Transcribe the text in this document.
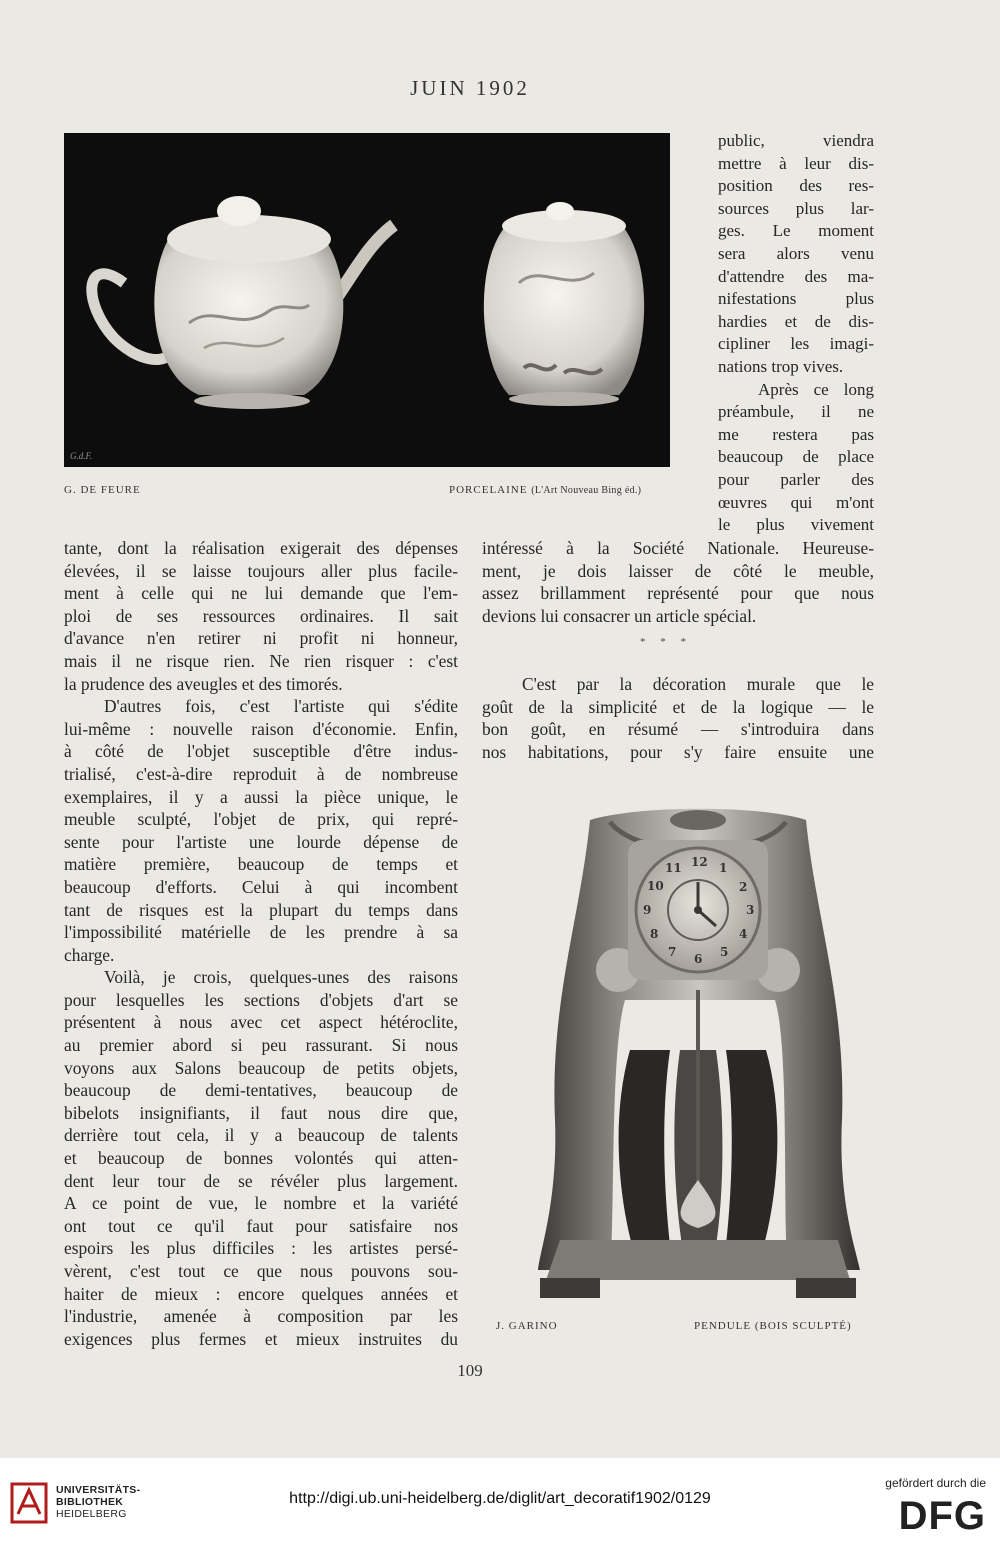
JUIN 1902
G.d.F.
G. DE FEURE	PORCELAINE (L'Art Nouveau Bing éd.)
public, viendra
mettre à leur dis-
position des res-
sources plus lar-
ges. Le moment
sera alors venu
d'attendre des ma-
nifestations plus
hardies et de dis-
cipliner les imagi-
nations trop vives.
Après ce long
préambule, il ne
me restera pas
beaucoup de place
pour parler des
œuvres qui m'ont
le plus vivement
intéressé à la Société Nationale. Heureuse-
ment, je dois laisser de côté le meuble,
assez brillamment représenté pour que nous
devions lui consacrer un article spécial.
* * *
C'est par la décoration murale que le
goût de la simplicité et de la logique — le
bon goût, en résumé — s'introduira dans
nos habitations, pour s'y faire ensuite une
tante, dont la réalisation exigerait des dépenses
élevées, il se laisse toujours aller plus facile-
ment à celle qui ne lui demande que l'em-
ploi de ses ressources ordinaires. Il sait
d'avance n'en retirer ni profit ni honneur,
mais il ne risque rien. Ne rien risquer : c'est
la prudence des aveugles et des timorés.
D'autres fois, c'est l'artiste qui s'édite
lui-même : nouvelle raison d'économie. Enfin,
à côté de l'objet susceptible d'être indus-
trialisé, c'est-à-dire reproduit à de nombreuse
exemplaires, il y a aussi la pièce unique, le
meuble sculpté, l'objet de prix, qui repré-
sente pour l'artiste une lourde dépense de
matière première, beaucoup de temps et
beaucoup d'efforts. Celui à qui incombent
tant de risques est la plupart du temps dans
l'impossibilité matérielle de les prendre à sa
charge.
Voilà, je crois, quelques-unes des raisons
pour lesquelles les sections d'objets d'art se
présentent à nous avec cet aspect hétéroclite,
au premier abord si peu rassurant. Si nous
voyons aux Salons beaucoup de petits objets,
beaucoup de demi-tentatives, beaucoup de
bibelots insignifiants, il faut nous dire que,
derrière tout cela, il y a beaucoup de talents
et beaucoup de bonnes volontés qui atten-
dent leur tour de se révéler plus largement.
A ce point de vue, le nombre et la variété
ont tout ce qu'il faut pour satisfaire nos
espoirs les plus difficiles : les artistes persé-
vèrent, c'est tout ce que nous pouvons sou-
haiter de mieux : encore quelques années et
l'industrie, amenée à composition par les
exigences plus fermes et mieux instruites du
12 1
2
3
4
5
6
7
8
9
10
11
J. GARINO	PENDULE (BOIS SCULPTÉ)
109
UNIVERSITÄTS-
BIBLIOTHEK
HEIDELBERG
http://digi.ub.uni-heidelberg.de/diglit/art_decoratif1902/0129
gefördert durch die
DFG
